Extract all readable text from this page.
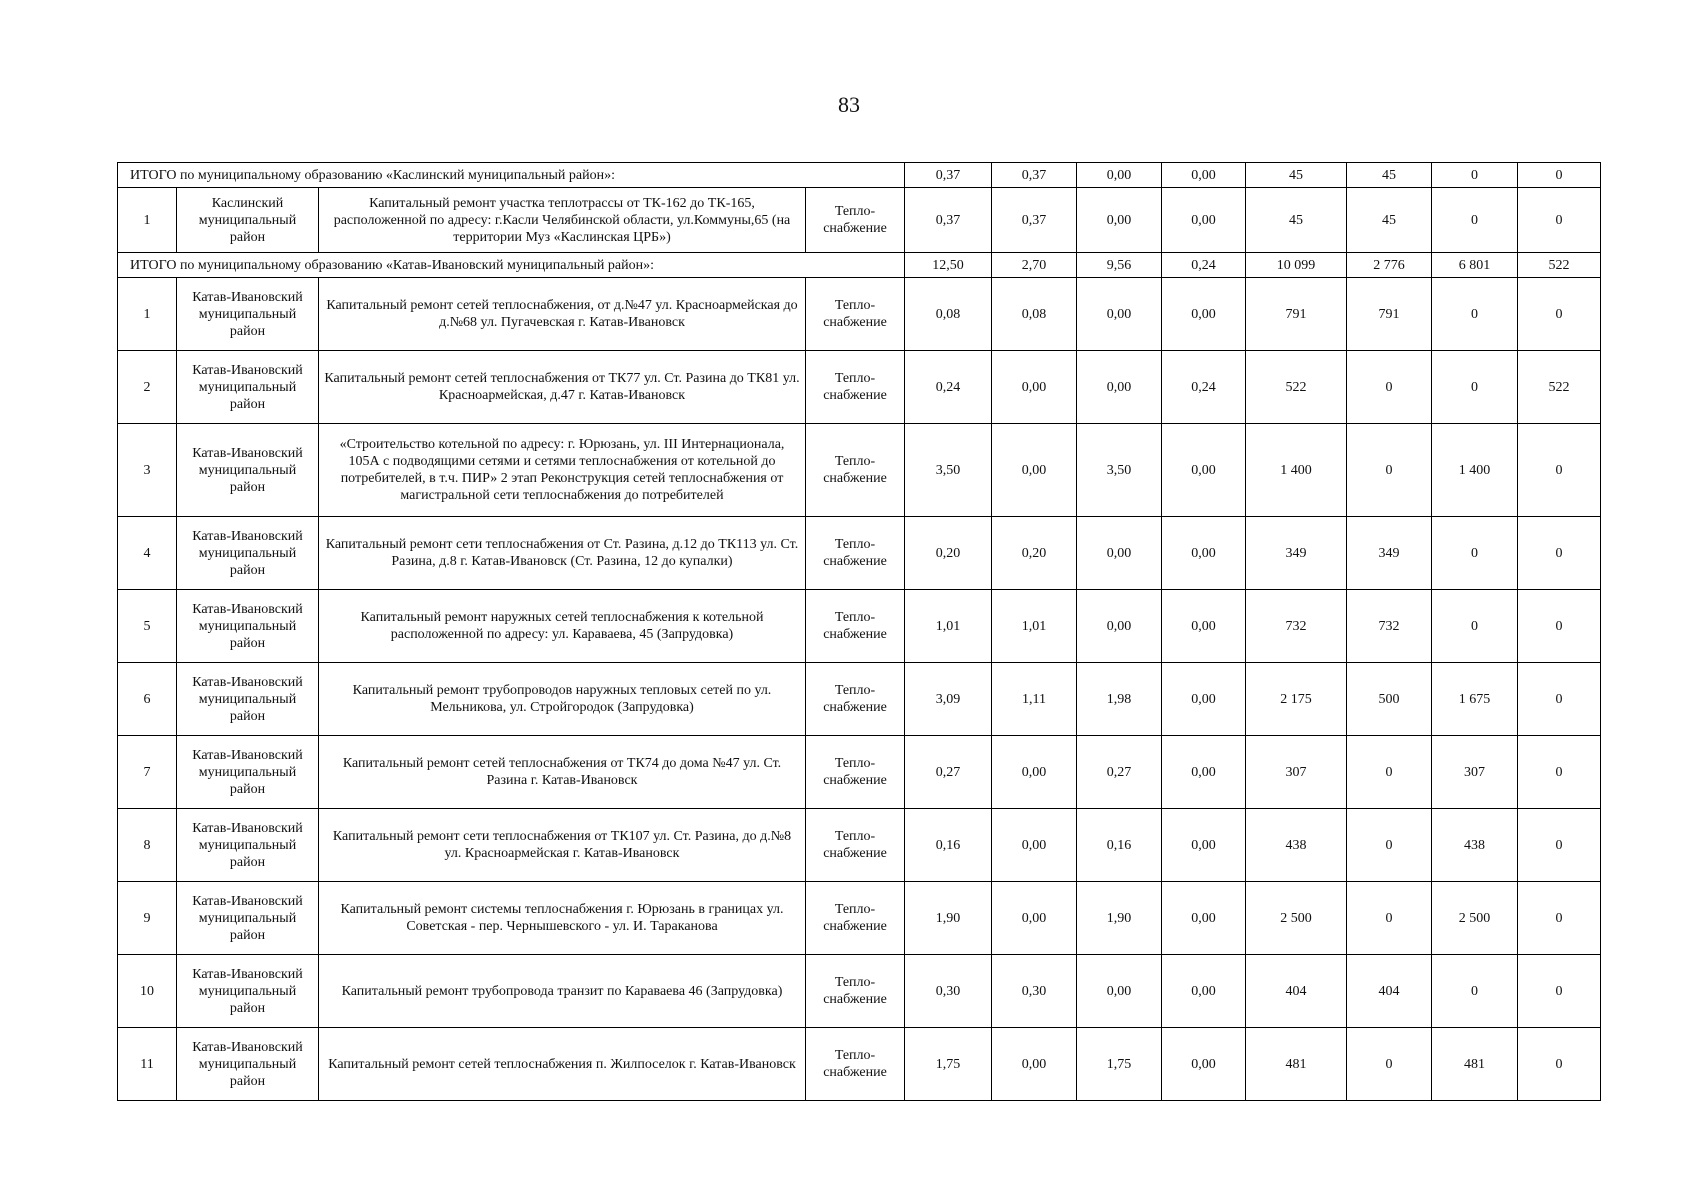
83
ИТОГО по муниципальному образованию «Каслинский муниципальный район»:				0,37	0,37	0,00	0,00	45	45	0	0
1	Каслинский муниципальный район	Капитальный ремонт участка теплотрассы от ТК-162 до ТК-165, расположенной по адресу: г.Касли Челябинской области, ул.Коммуны,65 (на территории Муз «Каслинская ЦРБ»)	Тепло-снабжение	0,37	0,37	0,00	0,00	45	45	0	0
ИТОГО по муниципальному образованию «Катав-Ивановский муниципальный район»:				12,50	2,70	9,56	0,24	10 099	2 776	6 801	522
1	Катав-Ивановский муниципальный район	Капитальный ремонт сетей теплоснабжения, от д.№47 ул. Красноармейская до д.№68 ул. Пугачевская г. Катав-Ивановск	Тепло-снабжение	0,08	0,08	0,00	0,00	791	791	0	0
2	Катав-Ивановский муниципальный район	Капитальный ремонт сетей теплоснабжения от ТК77 ул. Ст. Разина до ТК81 ул. Красноармейская, д.47 г. Катав-Ивановск	Тепло-снабжение	0,24	0,00	0,00	0,24	522	0	0	522
3	Катав-Ивановский муниципальный район	«Строительство котельной по адресу: г. Юрюзань, ул. III Интернационала, 105А с подводящими сетями и сетями теплоснабжения от котельной до потребителей, в т.ч. ПИР» 2 этап Реконструкция сетей теплоснабжения от магистральной сети теплоснабжения до потребителей	Тепло-снабжение	3,50	0,00	3,50	0,00	1 400	0	1 400	0
4	Катав-Ивановский муниципальный район	Капитальный ремонт сети теплоснабжения от Ст. Разина, д.12 до ТК113 ул. Ст. Разина, д.8 г. Катав-Ивановск (Ст. Разина, 12 до купалки)	Тепло-снабжение	0,20	0,20	0,00	0,00	349	349	0	0
5	Катав-Ивановский муниципальный район	Капитальный ремонт наружных сетей теплоснабжения к котельной расположенной по адресу: ул. Караваева, 45 (Запрудовка)	Тепло-снабжение	1,01	1,01	0,00	0,00	732	732	0	0
6	Катав-Ивановский муниципальный район	Капитальный ремонт трубопроводов наружных тепловых сетей по ул. Мельникова, ул. Стройгородок (Запрудовка)	Тепло-снабжение	3,09	1,11	1,98	0,00	2 175	500	1 675	0
7	Катав-Ивановский муниципальный район	Капитальный ремонт сетей теплоснабжения от ТК74 до дома №47 ул. Ст. Разина г. Катав-Ивановск	Тепло-снабжение	0,27	0,00	0,27	0,00	307	0	307	0
8	Катав-Ивановский муниципальный район	Капитальный ремонт сети теплоснабжения от ТК107 ул. Ст. Разина, до д.№8 ул. Красноармейская г. Катав-Ивановск	Тепло-снабжение	0,16	0,00	0,16	0,00	438	0	438	0
9	Катав-Ивановский муниципальный район	Капитальный ремонт системы теплоснабжения г. Юрюзань в границах ул. Советская - пер. Чернышевского - ул. И. Тараканова	Тепло-снабжение	1,90	0,00	1,90	0,00	2 500	0	2 500	0
10	Катав-Ивановский муниципальный район	Капитальный ремонт трубопровода транзит по Караваева 46 (Запрудовка)	Тепло-снабжение	0,30	0,30	0,00	0,00	404	404	0	0
11	Катав-Ивановский муниципальный район	Капитальный ремонт сетей теплоснабжения п. Жилпоселок г. Катав-Ивановск	Тепло-снабжение	1,75	0,00	1,75	0,00	481	0	481	0
